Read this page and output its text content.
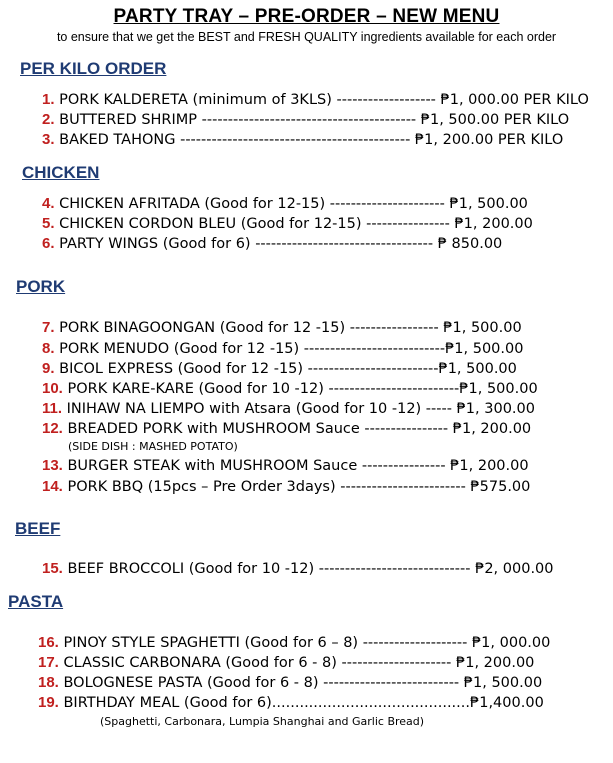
PARTY TRAY – PRE-ORDER – NEW MENU
to ensure that we get the BEST and FRESH QUALITY ingredients available for each order
PER KILO ORDER
1. PORK KALDERETA (minimum of 3KLS) ------------------- ₱1, 000.00 PER KILO
2. BUTTERED SHRIMP ----------------------------------------- ₱1, 500.00 PER KILO
3. BAKED TAHONG -------------------------------------------- ₱1, 200.00 PER KILO
CHICKEN
4. CHICKEN AFRITADA (Good for 12-15) ---------------------- ₱1, 500.00
5. CHICKEN CORDON BLEU (Good for 12-15) ---------------- ₱1, 200.00
6. PARTY WINGS (Good for 6) ---------------------------------- ₱ 850.00
PORK
7. PORK BINAGOONGAN (Good for 12 -15) ----------------- ₱1, 500.00
8. PORK MENUDO (Good for 12 -15) ---------------------------₱1, 500.00
9. BICOL EXPRESS (Good for 12 -15) -------------------------₱1, 500.00
10. PORK KARE-KARE (Good for 10 -12) -------------------------₱1, 500.00
11. INIHAW NA LIEMPO with Atsara (Good for 10 -12) ----- ₱1, 300.00
12. BREADED PORK with MUSHROOM Sauce ---------------- ₱1, 200.00
(SIDE DISH : MASHED POTATO)
13. BURGER STEAK with MUSHROOM Sauce ---------------- ₱1, 200.00
14. PORK BBQ (15pcs – Pre Order 3days) ------------------------ ₱575.00
BEEF
15. BEEF BROCCOLI (Good for 10 -12) ----------------------------- ₱2, 000.00
PASTA
16. PINOY STYLE SPAGHETTI (Good for 6 – 8) -------------------- ₱1, 000.00
17. CLASSIC CARBONARA (Good for 6 - 8) --------------------- ₱1, 200.00
18. BOLOGNESE PASTA (Good for 6 - 8) -------------------------- ₱1, 500.00
19. BIRTHDAY MEAL (Good for 6)...........................................₱1,400.00
(Spaghetti, Carbonara, Lumpia Shanghai and Garlic Bread)
